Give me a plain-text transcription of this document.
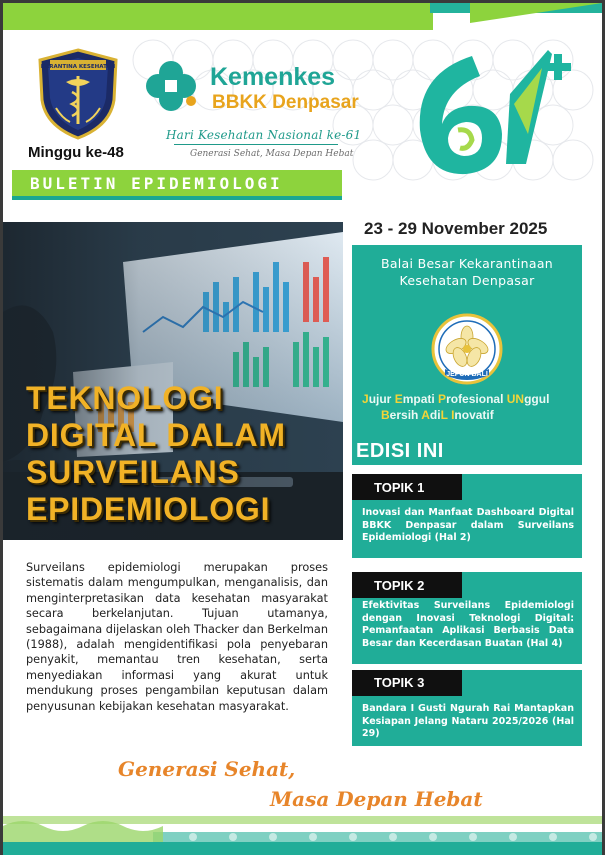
KARANTINA KESEHATAN	Kemenkes
BBKK Denpasar
Hari Kesehatan Nasional ke-61
Generasi Sehat, Masa Depan Hebat
Minggu ke-48
BULETIN EPIDEMIOLOGI
23 - 29 November 2025
TEKNOLOGI
DIGITAL DALAM
SURVEILANS
EPIDEMIOLOGI
Balai Besar Kekarantinaan Kesehatan Denpasar
JEPUN BALI
Jujur Empati Profesional UNggul
Bersih AdiL Inovatif
EDISI INI
TOPIK 1
Inovasi dan Manfaat Dashboard Digital BBKK Denpasar dalam Surveilans Epidemiologi (Hal 2)
TOPIK 2
Efektivitas Surveilans Epidemiologi dengan Inovasi Teknologi Digital: Pemanfaatan Aplikasi Berbasis Data Besar dan Kecerdasan Buatan (Hal 4)
TOPIK 3
Bandara I Gusti Ngurah Rai Mantapkan Kesiapan Jelang Nataru 2025/2026 (Hal 29)
Surveilans epidemiologi merupakan proses sistematis dalam mengumpulkan, menganalisis, dan menginterpretasikan data kesehatan masyarakat secara berkelanjutan. Tujuan utamanya, sebagaimana dijelaskan oleh Thacker dan Berkelman (1988), adalah mengidentifikasi pola penyebaran penyakit, memantau tren kesehatan, serta menyediakan informasi yang akurat untuk mendukung proses pengambilan keputusan dalam penyusunan kebijakan kesehatan masyarakat.
Generasi Sehat,
Masa Depan Hebat
